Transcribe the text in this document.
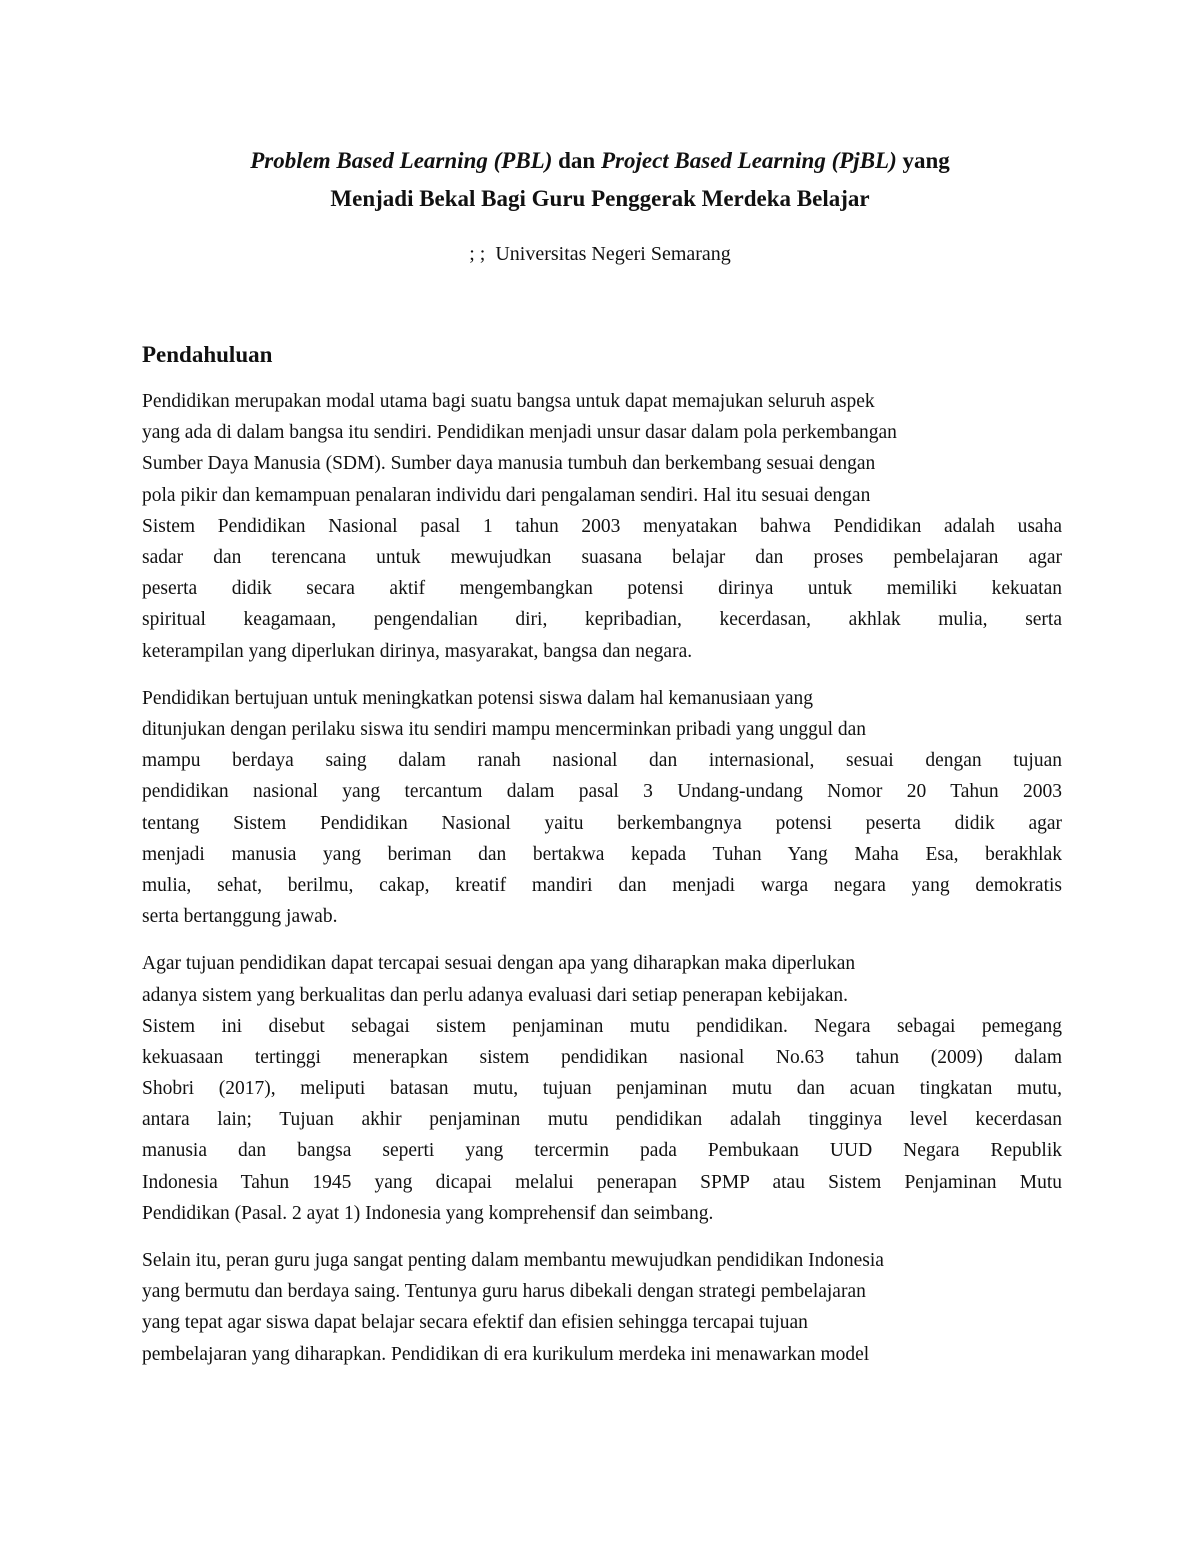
Problem Based Learning (PBL) dan Project Based Learning (PjBL) yang
Menjadi Bekal Bagi Guru Penggerak Merdeka Belajar

; ;  Universitas Negeri Semarang

Pendahuluan
Pendidikan merupakan modal utama bagi suatu bangsa untuk dapat memajukan seluruh aspek
yang ada di dalam bangsa itu sendiri. Pendidikan menjadi unsur dasar dalam pola perkembangan
Sumber Daya Manusia (SDM). Sumber daya manusia tumbuh dan berkembang sesuai dengan
pola pikir dan kemampuan penalaran individu dari pengalaman sendiri. Hal itu sesuai dengan
Sistem Pendidikan Nasional pasal 1 tahun 2003 menyatakan bahwa Pendidikan adalah usaha
sadar dan terencana untuk mewujudkan suasana belajar dan proses pembelajaran agar
peserta didik secara aktif mengembangkan potensi dirinya untuk memiliki kekuatan
spiritual keagamaan, pengendalian diri, kepribadian, kecerdasan, akhlak mulia, serta
keterampilan yang diperlukan dirinya, masyarakat, bangsa dan negara.
Pendidikan bertujuan untuk meningkatkan potensi siswa dalam hal kemanusiaan yang
ditunjukan dengan perilaku siswa itu sendiri mampu mencerminkan pribadi yang unggul dan
mampu berdaya saing dalam ranah nasional dan internasional, sesuai dengan tujuan
pendidikan nasional yang tercantum dalam pasal 3 Undang-undang Nomor 20 Tahun 2003
tentang Sistem Pendidikan Nasional yaitu berkembangnya potensi peserta didik agar
menjadi manusia yang beriman dan bertakwa kepada Tuhan Yang Maha Esa, berakhlak
mulia, sehat, berilmu, cakap, kreatif mandiri dan menjadi warga negara yang demokratis
serta bertanggung jawab.
Agar tujuan pendidikan dapat tercapai sesuai dengan apa yang diharapkan maka diperlukan
adanya sistem yang berkualitas dan perlu adanya evaluasi dari setiap penerapan kebijakan.
Sistem ini disebut sebagai sistem penjaminan mutu pendidikan. Negara sebagai pemegang
kekuasaan tertinggi menerapkan sistem pendidikan nasional No.63 tahun (2009) dalam
Shobri (2017), meliputi batasan mutu, tujuan penjaminan mutu dan acuan tingkatan mutu,
antara lain; Tujuan akhir penjaminan mutu pendidikan adalah tingginya level kecerdasan
manusia dan bangsa seperti yang tercermin pada Pembukaan UUD Negara Republik
Indonesia Tahun 1945 yang dicapai melalui penerapan SPMP atau Sistem Penjaminan Mutu
Pendidikan (Pasal. 2 ayat 1) Indonesia yang komprehensif dan seimbang.
Selain itu, peran guru juga sangat penting dalam membantu mewujudkan pendidikan Indonesia
yang bermutu dan berdaya saing. Tentunya guru harus dibekali dengan strategi pembelajaran
yang tepat agar siswa dapat belajar secara efektif dan efisien sehingga tercapai tujuan
pembelajaran yang diharapkan. Pendidikan di era kurikulum merdeka ini menawarkan model
